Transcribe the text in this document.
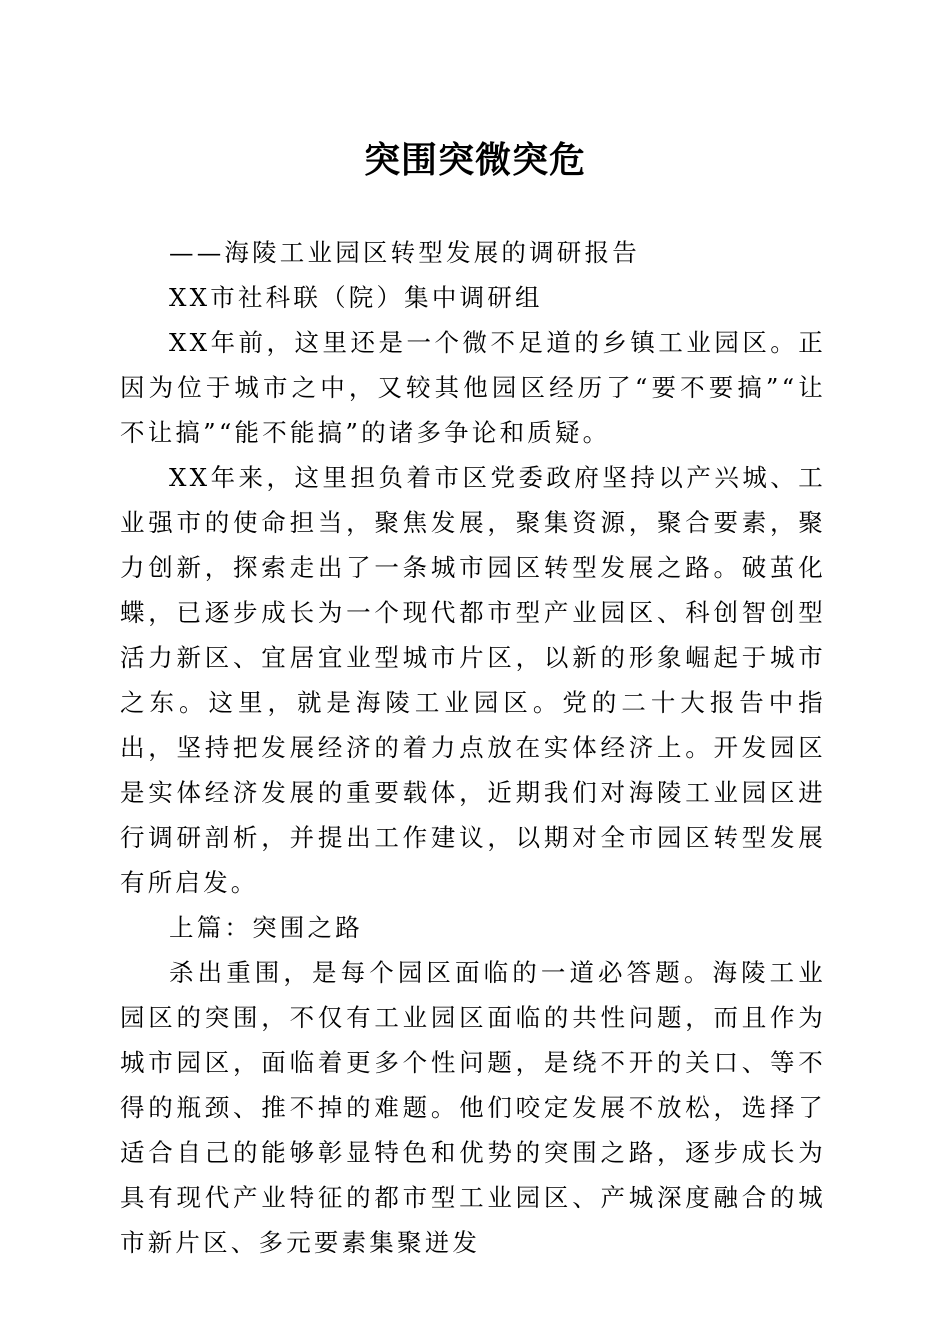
突围突微突危

——海陵工业园区转型发展的调研报告

XX市社科联（院）集中调研组

XX年前，这里还是一个微不足道的乡镇工业园区。正因为位于城市之中，又较其他园区经历了“要不要搞”“让不让搞”“能不能搞”的诸多争论和质疑。

XX年来，这里担负着市区党委政府坚持以产兴城、工业强市的使命担当，聚焦发展，聚集资源，聚合要素，聚力创新，探索走出了一条城市园区转型发展之路。破茧化蝶，已逐步成长为一个现代都市型产业园区、科创智创型活力新区、宜居宜业型城市片区，以新的形象崛起于城市之东。这里，就是海陵工业园区。党的二十大报告中指出，坚持把发展经济的着力点放在实体经济上。开发园区是实体经济发展的重要载体，近期我们对海陵工业园区进行调研剖析，并提出工作建议，以期对全市园区转型发展有所启发。

上篇：突围之路

杀出重围，是每个园区面临的一道必答题。海陵工业园区的突围，不仅有工业园区面临的共性问题，而且作为城市园区，面临着更多个性问题，是绕不开的关口、等不得的瓶颈、推不掉的难题。他们咬定发展不放松，选择了适合自己的能够彰显特色和优势的突围之路，逐步成长为具有现代产业特征的都市型工业园区、产城深度融合的城市新片区、多元要素集聚迸发
